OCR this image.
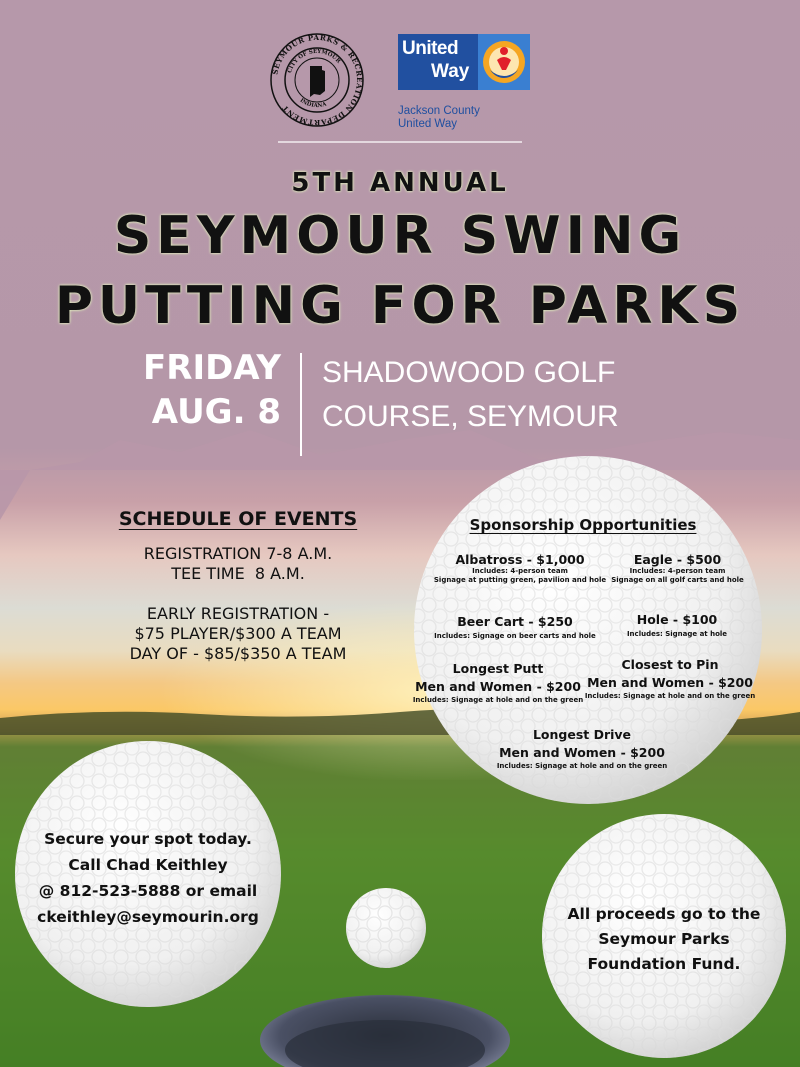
SEYMOUR PARKS & RECREATION DEPARTMENT
CITY OF SEYMOUR
INDIANA
United
Way
Jackson County
United Way
5TH ANNUAL
SEYMOUR SWING
PUTTING FOR PARKS
FRIDAY
AUG. 8
SHADOWOOD GOLF
COURSE, SEYMOUR
SCHEDULE OF EVENTS
REGISTRATION 7-8 A.M.
TEE TIME  8 A.M.
EARLY REGISTRATION -
$75 PLAYER/$300 A TEAM
DAY OF - $85/$350 A TEAM
Sponsorship Opportunities
Albatross - $1,000
Includes: 4-person team
Signage at putting green, pavilion and hole
Eagle - $500
Includes: 4-person team
Signage on all golf carts and hole
Beer Cart - $250
Includes: Signage on beer carts and hole
Hole - $100
Includes: Signage at hole
Longest Putt
Men and Women - $200
Includes: Signage at hole and on the green
Closest to Pin
Men and Women - $200
Includes: Signage at hole and on the green
Longest Drive
Men and Women - $200
Includes: Signage at hole and on the green
Secure your spot today.
Call Chad Keithley
@ 812-523-5888 or email
ckeithley@seymourin.org	All proceeds go to the
Seymour Parks
Foundation Fund.
